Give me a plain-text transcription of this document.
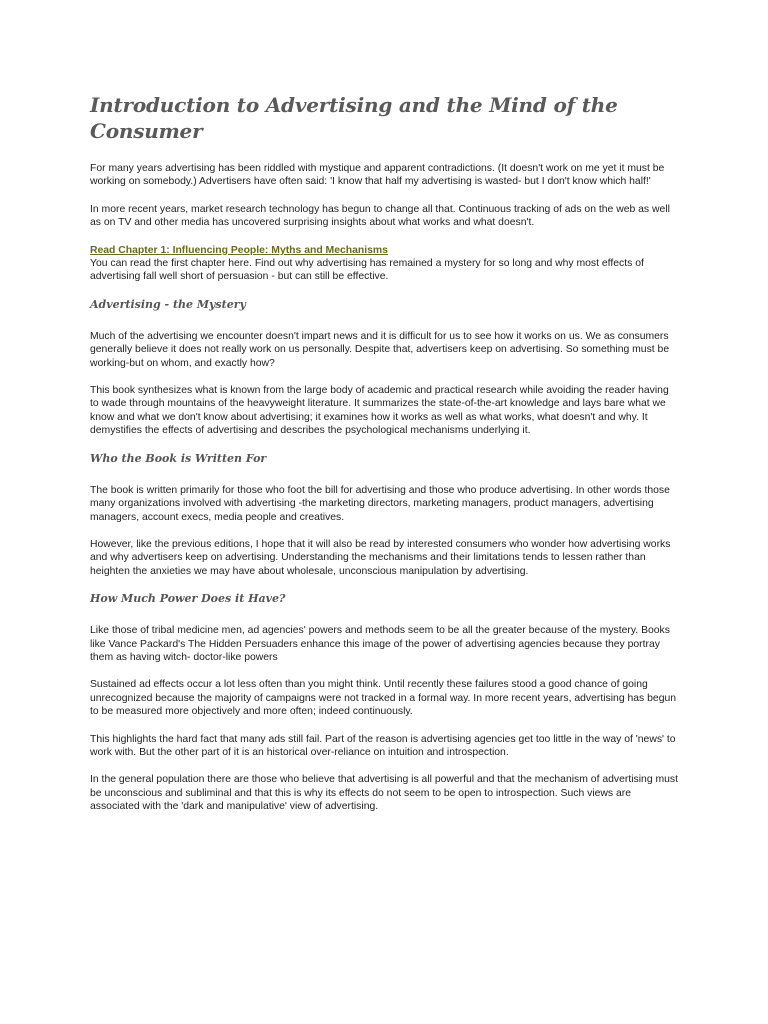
Introduction to Advertising and the Mind of the Consumer

For many years advertising has been riddled with mystique and apparent contradictions. (It doesn't work on me yet it must be working on somebody.) Advertisers have often said: 'I know that half my advertising is wasted- but I don't know which half!'

In more recent years, market research technology has begun to change all that. Continuous tracking of ads on the web as well as on TV and other media has uncovered surprising insights about what works and what doesn't.

Read Chapter 1: Influencing People: Myths and Mechanisms

You can read the first chapter here. Find out why advertising has remained a mystery for so long and why most effects of advertising fall well short of persuasion - but can still be effective.

Advertising - the Mystery

Much of the advertising we encounter doesn't impart news and it is difficult for us to see how it works on us. We as consumers generally believe it does not really work on us personally. Despite that, advertisers keep on advertising. So something must be working-but on whom, and exactly how?

This book synthesizes what is known from the large body of academic and practical research while avoiding the reader having to wade through mountains of the heavyweight literature. It summarizes the state-of-the-art knowledge and lays bare what we know and what we don't know about advertising; it examines how it works as well as what works, what doesn't and why. It demystifies the effects of advertising and describes the psychological mechanisms underlying it.

Who the Book is Written For

The book is written primarily for those who foot the bill for advertising and those who produce advertising. In other words those many organizations involved with advertising -the marketing directors, marketing managers, product managers, advertising managers, account execs, media people and creatives.

However, like the previous editions, I hope that it will also be read by interested consumers who wonder how advertising works and why advertisers keep on advertising. Understanding the mechanisms and their limitations tends to lessen rather than heighten the anxieties we may have about wholesale, unconscious manipulation by advertising.

How Much Power Does it Have?

Like those of tribal medicine men, ad agencies' powers and methods seem to be all the greater because of the mystery. Books like Vance Packard's The Hidden Persuaders enhance this image of the power of advertising agencies because they portray them as having witch- doctor-like powers

Sustained ad effects occur a lot less often than you might think. Until recently these failures stood a good chance of going unrecognized because the majority of campaigns were not tracked in a formal way. In more recent years, advertising has begun to be measured more objectively and more often; indeed continuously.

This highlights the hard fact that many ads still fail. Part of the reason is advertising agencies get too little in the way of 'news' to work with. But the other part of it is an historical over-reliance on intuition and introspection.

In the general population there are those who believe that advertising is all powerful and that the mechanism of advertising must be unconscious and subliminal and that this is why its effects do not seem to be open to introspection. Such views are associated with the 'dark and manipulative' view of advertising.
